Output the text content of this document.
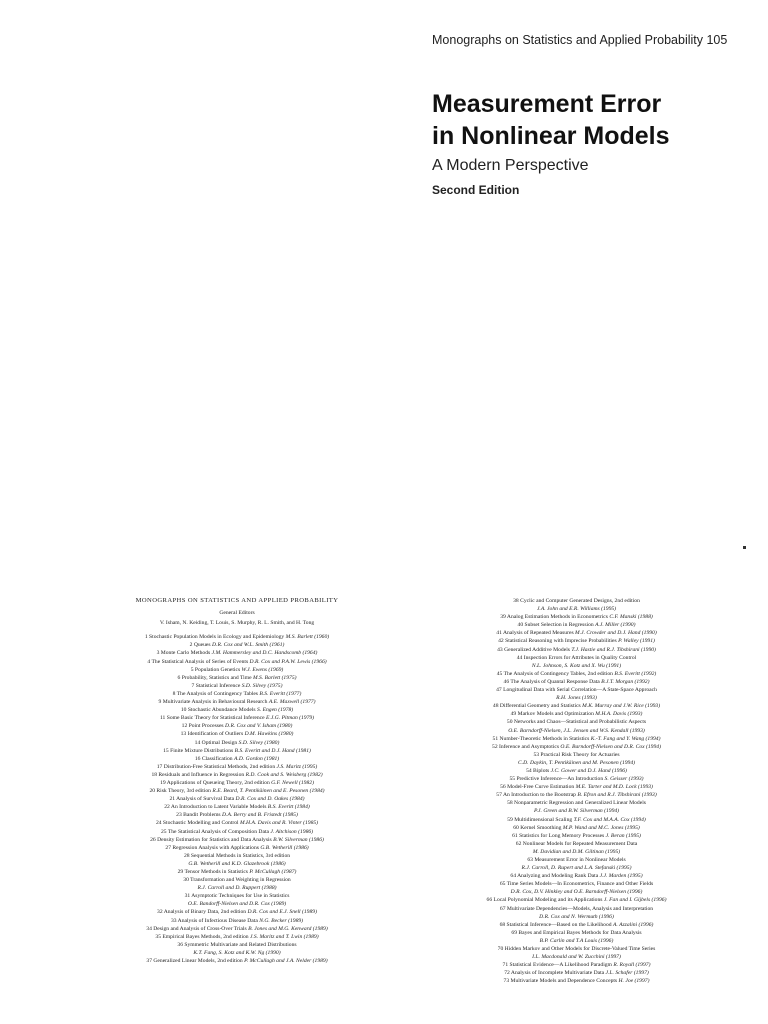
Monographs on Statistics and Applied Probability 105
Measurement Error
in Nonlinear Models
A Modern Perspective
Second Edition
MONOGRAPHS ON STATISTICS AND APPLIED PROBABILITY
General Editors
V. Isham, N. Keiding, T. Louis, S. Murphy, R. L. Smith, and H. Tong
1 Stochastic Population Models in Ecology and Epidemiology M.S. Barlett (1960)
2 Queues D.R. Cox and W.L. Smith (1961)
3 Monte Carlo Methods J.M. Hammersley and D.C. Handscomb (1964)
4 The Statistical Analysis of Series of Events D.R. Cox and P.A.W. Lewis (1966)
5 Population Genetics W.J. Ewens (1969)
6 Probability, Statistics and Time M.S. Barlett (1975)
7 Statistical Inference S.D. Silvey (1975)
8 The Analysis of Contingency Tables B.S. Everitt (1977)
9 Multivariate Analysis in Behavioural Research A.E. Maxwell (1977)
10 Stochastic Abundance Models S. Engen (1978)
11 Some Basic Theory for Statistical Inference E.J.G. Pitman (1979)
12 Point Processes D.R. Cox and V. Isham (1980)
13 Identification of Outliers D.M. Hawkins (1980)
14 Optimal Design S.D. Silvey (1980)
15 Finite Mixture Distributions B.S. Everitt and D.J. Hand (1981)
16 Classification A.D. Gordon (1981)
17 Distribution-Free Statistical Methods, 2nd edition J.S. Maritz (1995)
18 Residuals and Influence in Regression R.D. Cook and S. Weisberg (1982)
19 Applications of Queueing Theory, 2nd edition G.F. Newell (1982)
20 Risk Theory, 3rd edition R.E. Beard, T. Pentikäinen and E. Pesonen (1984)
21 Analysis of Survival Data D.R. Cox and D. Oakes (1984)
22 An Introduction to Latent Variable Models B.S. Everitt (1984)
23 Bandit Problems D.A. Berry and B. Fristedt (1985)
24 Stochastic Modelling and Control M.H.A. Davis and R. Vinter (1985)
25 The Statistical Analysis of Composition Data J. Aitchison (1986)
26 Density Estimation for Statistics and Data Analysis B.W. Silverman (1986)
27 Regression Analysis with Applications G.B. Wetherill (1986)
28 Sequential Methods in Statistics, 3rd edition
G.B. Wetherill and K.D. Glazebrook (1986)
29 Tensor Methods in Statistics P. McCullagh (1987)
30 Transformation and Weighting in Regression
R.J. Carroll and D. Ruppert (1988)
31 Asymptotic Techniques for Use in Statistics
O.E. Bandorff-Nielsen and D.R. Cox (1989)
32 Analysis of Binary Data, 2nd edition D.R. Cox and E.J. Snell (1989)
33 Analysis of Infectious Disease Data N.G. Becker (1989)
34 Design and Analysis of Cross-Over Trials B. Jones and M.G. Kenward (1989)
35 Empirical Bayes Methods, 2nd edition J.S. Maritz and T. Lwin (1989)
36 Symmetric Multivariate and Related Distributions
K.T. Fang, S. Kotz and K.W. Ng (1990)
37 Generalized Linear Models, 2nd edition P. McCullagh and J.A. Nelder (1989)
38 Cyclic and Computer Generated Designs, 2nd edition
J.A. John and E.R. Williams (1995)
39 Analog Estimation Methods in Econometrics C.F. Manski (1988)
40 Subset Selection in Regression A.J. Miller (1990)
41 Analysis of Repeated Measures M.J. Crowder and D.J. Hand (1990)
42 Statistical Reasoning with Imprecise Probabilities P. Walley (1991)
43 Generalized Additive Models T.J. Hastie and R.J. Tibshirani (1990)
44 Inspection Errors for Attributes in Quality Control
N.L. Johnson, S. Kotz and X. Wu (1991)
45 The Analysis of Contingency Tables, 2nd edition B.S. Everitt (1992)
46 The Analysis of Quantal Response Data B.J.T. Morgan (1992)
47 Longitudinal Data with Serial Correlation—A State-Space Approach
R.H. Jones (1993)
48 Differential Geometry and Statistics M.K. Murray and J.W. Rice (1993)
49 Markov Models and Optimization M.H.A. Davis (1993)
50 Networks and Chaos—Statistical and Probabilistic Aspects
O.E. Barndorff-Nielsen, J.L. Jensen and W.S. Kendall (1993)
51 Number-Theoretic Methods in Statistics K.-T. Fang and Y. Wang (1994)
52 Inference and Asymptotics O.E. Barndorff-Nielsen and D.R. Cox (1994)
53 Practical Risk Theory for Actuaries
C.D. Daykin, T. Pentikäinen and M. Pesonen (1994)
54 Biplots J.C. Gower and D.J. Hand (1996)
55 Predictive Inference—An Introduction S. Geisser (1993)
56 Model-Free Curve Estimation M.E. Tarter and M.D. Lock (1993)
57 An Introduction to the Bootstrap B. Efron and R.J. Tibshirani (1993)
58 Nonparametric Regression and Generalized Linear Models
P.J. Green and B.W. Silverman (1994)
59 Multidimensional Scaling T.F. Cox and M.A.A. Cox (1994)
60 Kernel Smoothing M.P. Wand and M.C. Jones (1995)
61 Statistics for Long Memory Processes J. Beran (1995)
62 Nonlinear Models for Repeated Measurement Data
M. Davidian and D.M. Giltinan (1995)
63 Measurement Error in Nonlinear Models
R.J. Carroll, D. Rupert and L.A. Stefanski (1995)
64 Analyzing and Modeling Rank Data J.J. Marden (1995)
65 Time Series Models—In Econometrics, Finance and Other Fields
D.R. Cox, D.V. Hinkley and O.E. Barndorff-Nielsen (1996)
66 Local Polynomial Modeling and its Applications J. Fan and I. Gijbels (1996)
67 Multivariate Dependencies—Models, Analysis and Interpretation
D.R. Cox and N. Wermuth (1996)
68 Statistical Inference—Based on the Likelihood A. Azzalini (1996)
69 Bayes and Empirical Bayes Methods for Data Analysis
B.P. Carlin and T.A Louis (1996)
70 Hidden Markov and Other Models for Discrete-Valued Time Series
I.L. Macdonald and W. Zucchini (1997)
71 Statistical Evidence—A Likelihood Paradigm R. Royall (1997)
72 Analysis of Incomplete Multivariate Data J.L. Schafer (1997)
73 Multivariate Models and Dependence Concepts H. Joe (1997)
